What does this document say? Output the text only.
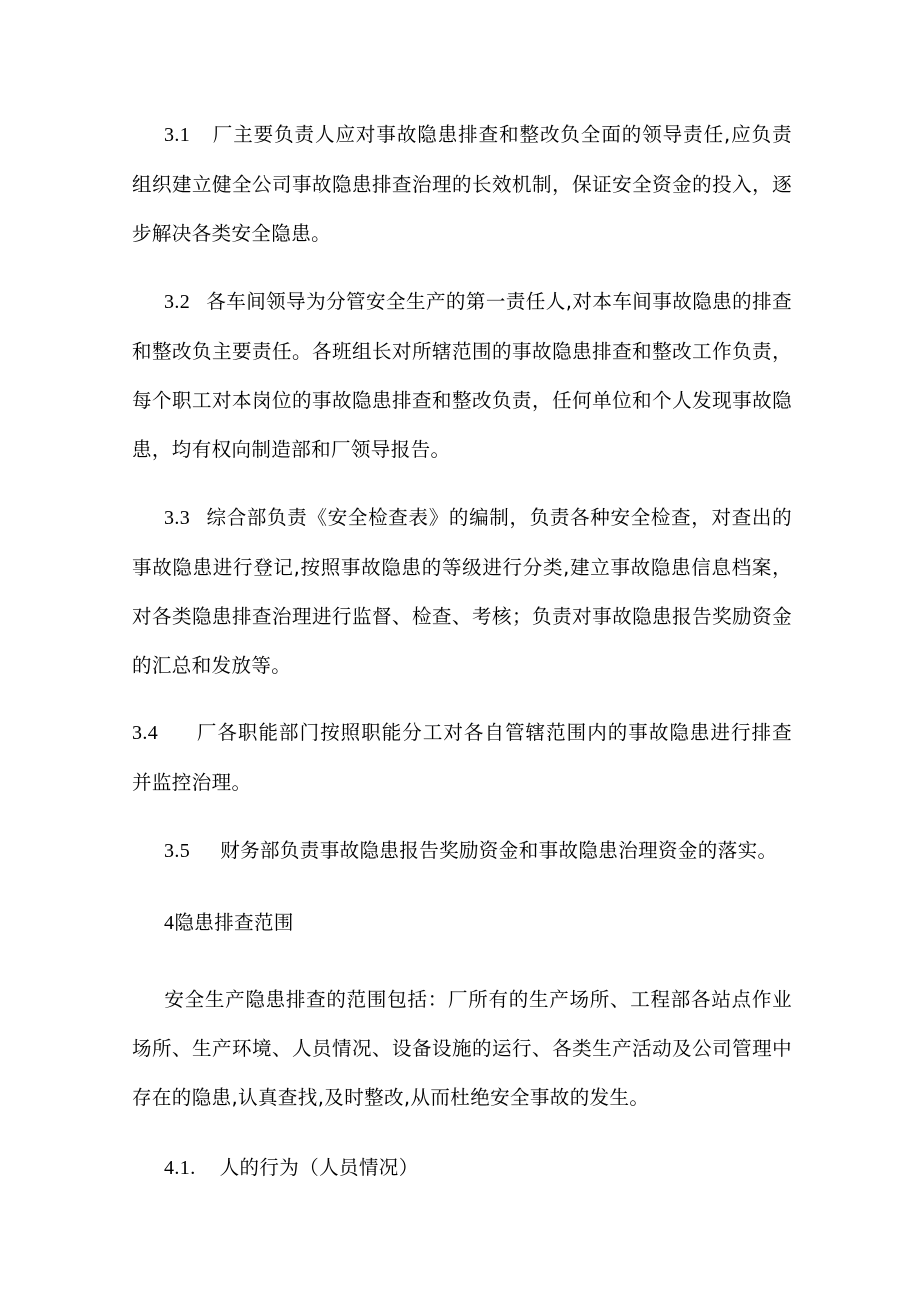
3.1 厂主要负责人应对事故隐患排查和整改负全面的领导责任,应负责组织建立健全公司事故隐患排查治理的长效机制，保证安全资金的投入，逐步解决各类安全隐患。
3.2 各车间领导为分管安全生产的第一责任人,对本车间事故隐患的排查和整改负主要责任。各班组长对所辖范围的事故隐患排查和整改工作负责，每个职工对本岗位的事故隐患排查和整改负责，任何单位和个人发现事故隐患，均有权向制造部和厂领导报告。
3.3 综合部负责《安全检查表》的编制，负责各种安全检查，对查出的事故隐患进行登记,按照事故隐患的等级进行分类,建立事故隐患信息档案，对各类隐患排查治理进行监督、检查、考核；负责对事故隐患报告奖励资金的汇总和发放等。
3.4 厂各职能部门按照职能分工对各自管辖范围内的事故隐患进行排查并监控治理。
3.5 财务部负责事故隐患报告奖励资金和事故隐患治理资金的落实。
4隐患排查范围
安全生产隐患排查的范围包括：厂所有的生产场所、工程部各站点作业场所、生产环境、人员情况、设备设施的运行、各类生产活动及公司管理中存在的隐患,认真查找,及时整改,从而杜绝安全事故的发生。
4.1. 人的行为（人员情况）
